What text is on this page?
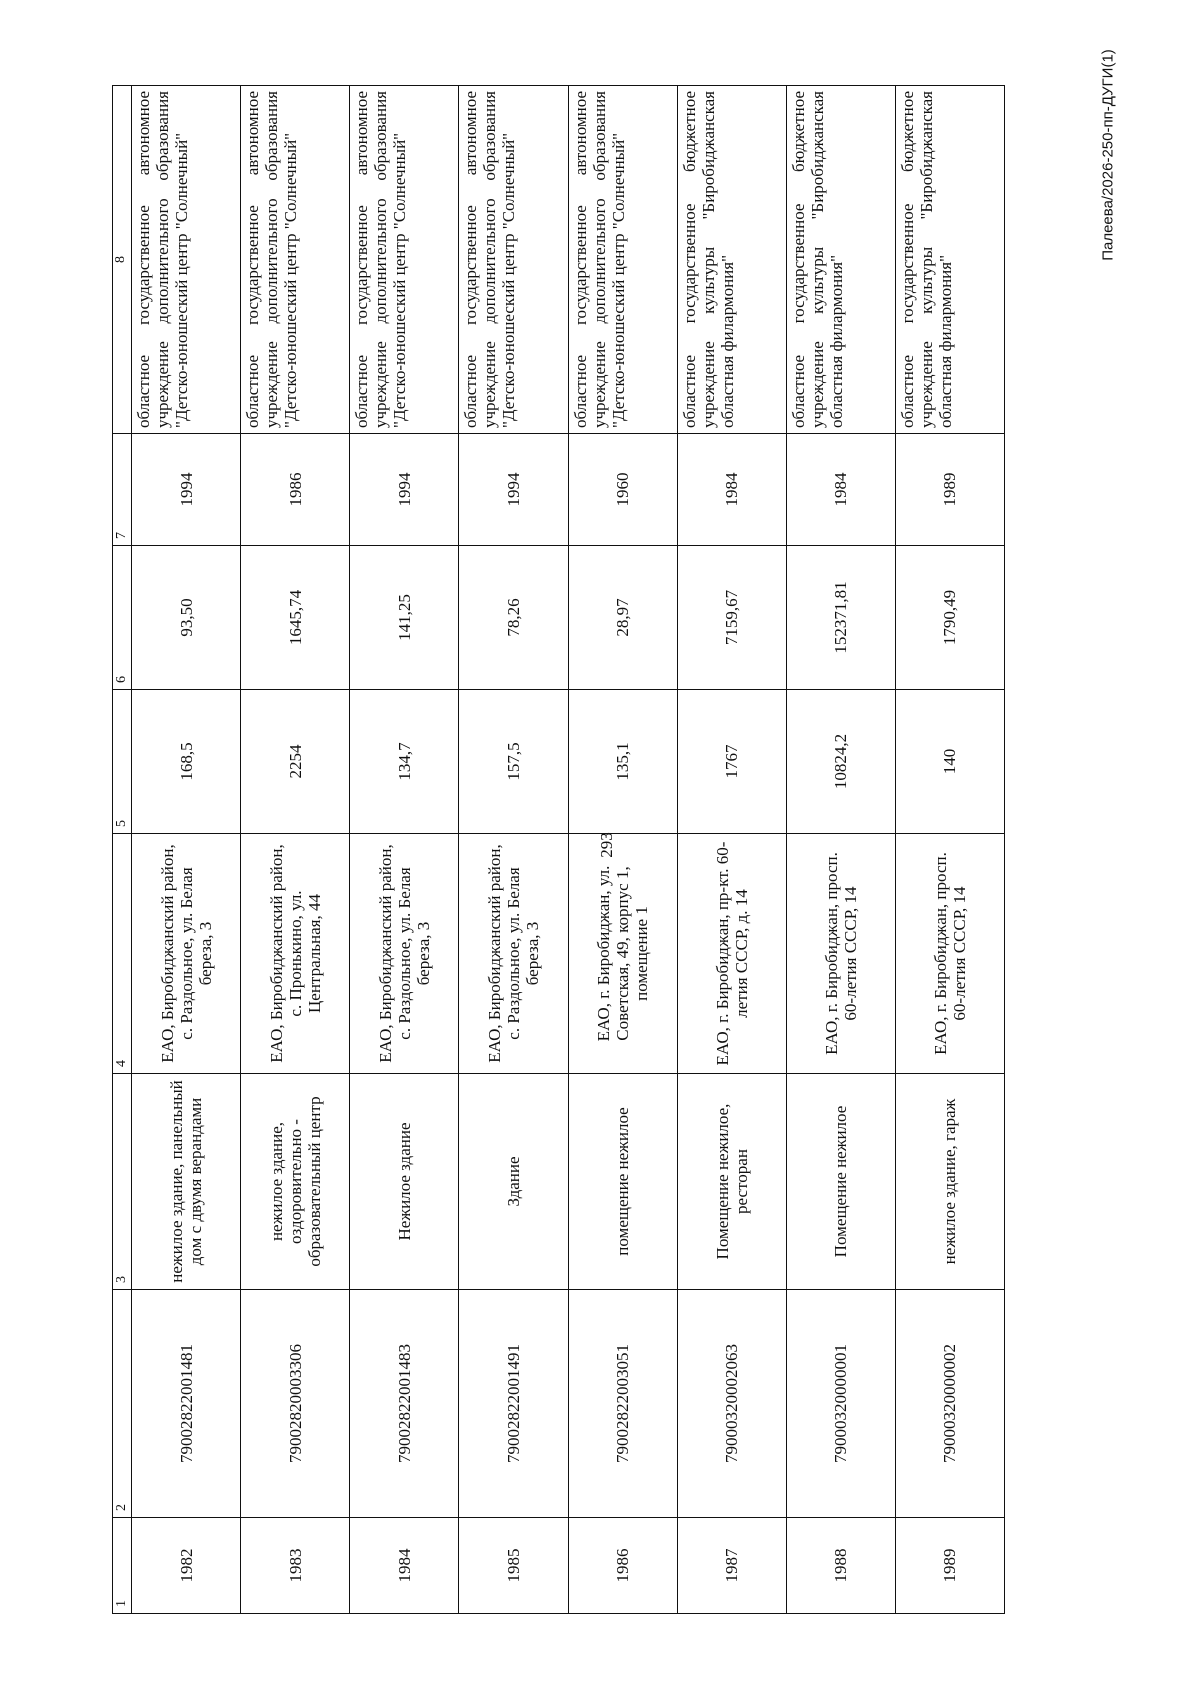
293
Палеева/2026-250-пп-ДУГИ(1)
1	2	3	4	5	6	7	8
1982	79002822001481	нежилое здание, панельный дом с двумя верандами	ЕАО, Биробиджанский район, с. Раздольное, ул. Белая береза, 3	168,5	93,50	1994	областное государственное автономное учреждение дополнительного образования "Детско-юношеский центр "Солнечный"
1983	79002820003306	нежилое здание, оздоровительно - образовательный центр	ЕАО, Биробиджанский район, с. Пронькино, ул. Центральная, 44	2254	1645,74	1986	областное государственное автономное учреждение дополнительного образования "Детско-юношеский центр "Солнечный"
1984	79002822001483	Нежилое здание	ЕАО, Биробиджанский район, с. Раздольное, ул. Белая береза, 3	134,7	141,25	1994	областное государственное автономное учреждение дополнительного образования "Детско-юношеский центр "Солнечный"
1985	79002822001491	Здание	ЕАО, Биробиджанский район, с. Раздольное, ул. Белая береза, 3	157,5	78,26	1994	областное государственное автономное учреждение дополнительного образования "Детско-юношеский центр "Солнечный"
1986	79002822003051	помещение нежилое	ЕАО, г. Биробиджан, ул. Советская, 49, корпус 1, помещение 1	135,1	28,97	1960	областное государственное автономное учреждение дополнительного образования "Детско-юношеский центр "Солнечный"
1987	79000320002063	Помещение нежилое, ресторан	ЕАО, г. Биробиджан, пр-кт. 60-летия СССР, д. 14	1767	7159,67	1984	областное государственное бюджетное учреждение культуры "Биробиджанская областная филармония"
1988	79000320000001	Помещение нежилое	ЕАО, г. Биробиджан, просп. 60-летия СССР, 14	10824,2	152371,81	1984	областное государственное бюджетное учреждение культуры "Биробиджанская областная филармония"
1989	79000320000002	нежилое здание, гараж	ЕАО, г. Биробиджан, просп. 60-летия СССР, 14	140	1790,49	1989	областное государственное бюджетное учреждение культуры "Биробиджанская областная филармония"
